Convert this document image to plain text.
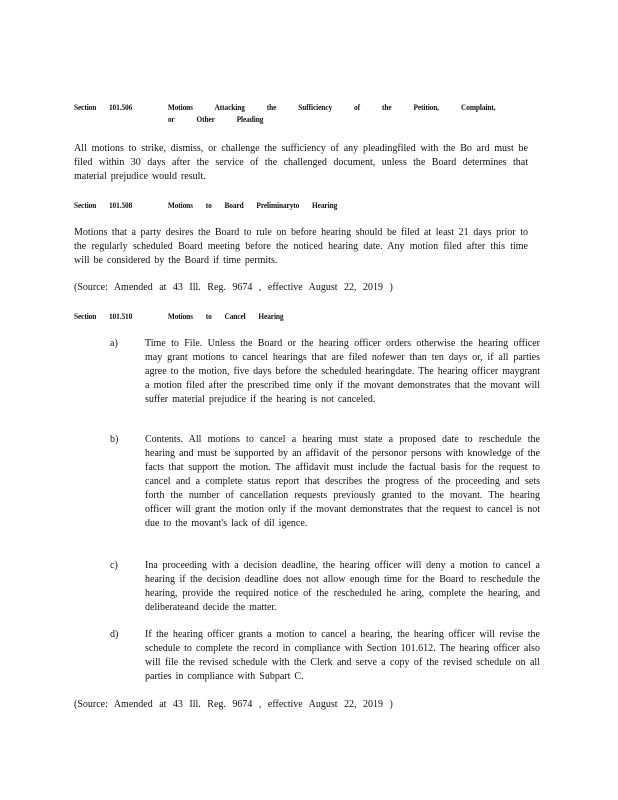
Section 101.506	Motions Attacking the Sufficiency of the Petition, Complaint, or Other Pleading
All motions to strike, dismiss, or challenge the sufficiency of any pleadingfiled with the Bo ard must be filed within 30 days after the service of the challenged document, unless the Board determines that material prejudice would result.
Section 101.508	Motions to Board Preliminaryto Hearing
Motions that a party desires the Board to rule on before hearing should be filed at least 21 days prior to the regularly scheduled Board meeting before the noticed hearing date. Any motion filed after this time will be considered by the Board if time permits.
(Source: Amended at 43 Ill. Reg. 9674 , effective August 22, 2019 )
Section 101.510	Motions to Cancel Hearing
a)	Time to File. Unless the Board or the hearing officer orders otherwise the hearing officer may grant motions to cancel hearings that are filed nofewer than ten days or, if all parties agree to the motion, five days before the scheduled hearingdate. The hearing officer maygrant a motion filed after the prescribed time only if the movant demonstrates that the movant will suffer material prejudice if the hearing is not canceled.
b)	Contents. All motions to cancel a hearing must state a proposed date to reschedule the hearing and must be supported by an affidavit of the personor persons with knowledge of the facts that support the motion. The affidavit must include the factual basis for the request to cancel and a complete status report that describes the progress of the proceeding and sets forth the number of cancellation requests previously granted to the movant. The hearing officer will grant the motion only if the movant demonstrates that the request to cancel is not due to the movant's lack of dil igence.
c)	Ina proceeding with a decision deadline, the hearing officer will deny a motion to cancel a hearing if the decision deadline does not allow enough time for the Board to reschedule the hearing, provide the required notice of the rescheduled he aring, complete the hearing, and deliberateand decide the matter.
d)	If the hearing officer grants a motion to cancel a hearing, the hearing officer will revise the schedule to complete the record in compliance with Section 101.612. The hearing officer also will file the revised schedule with the Clerk and serve a copy of the revised schedule on all parties in compliance with Subpart C.
(Source: Amended at 43 Ill. Reg. 9674 , effective August 22, 2019 )
